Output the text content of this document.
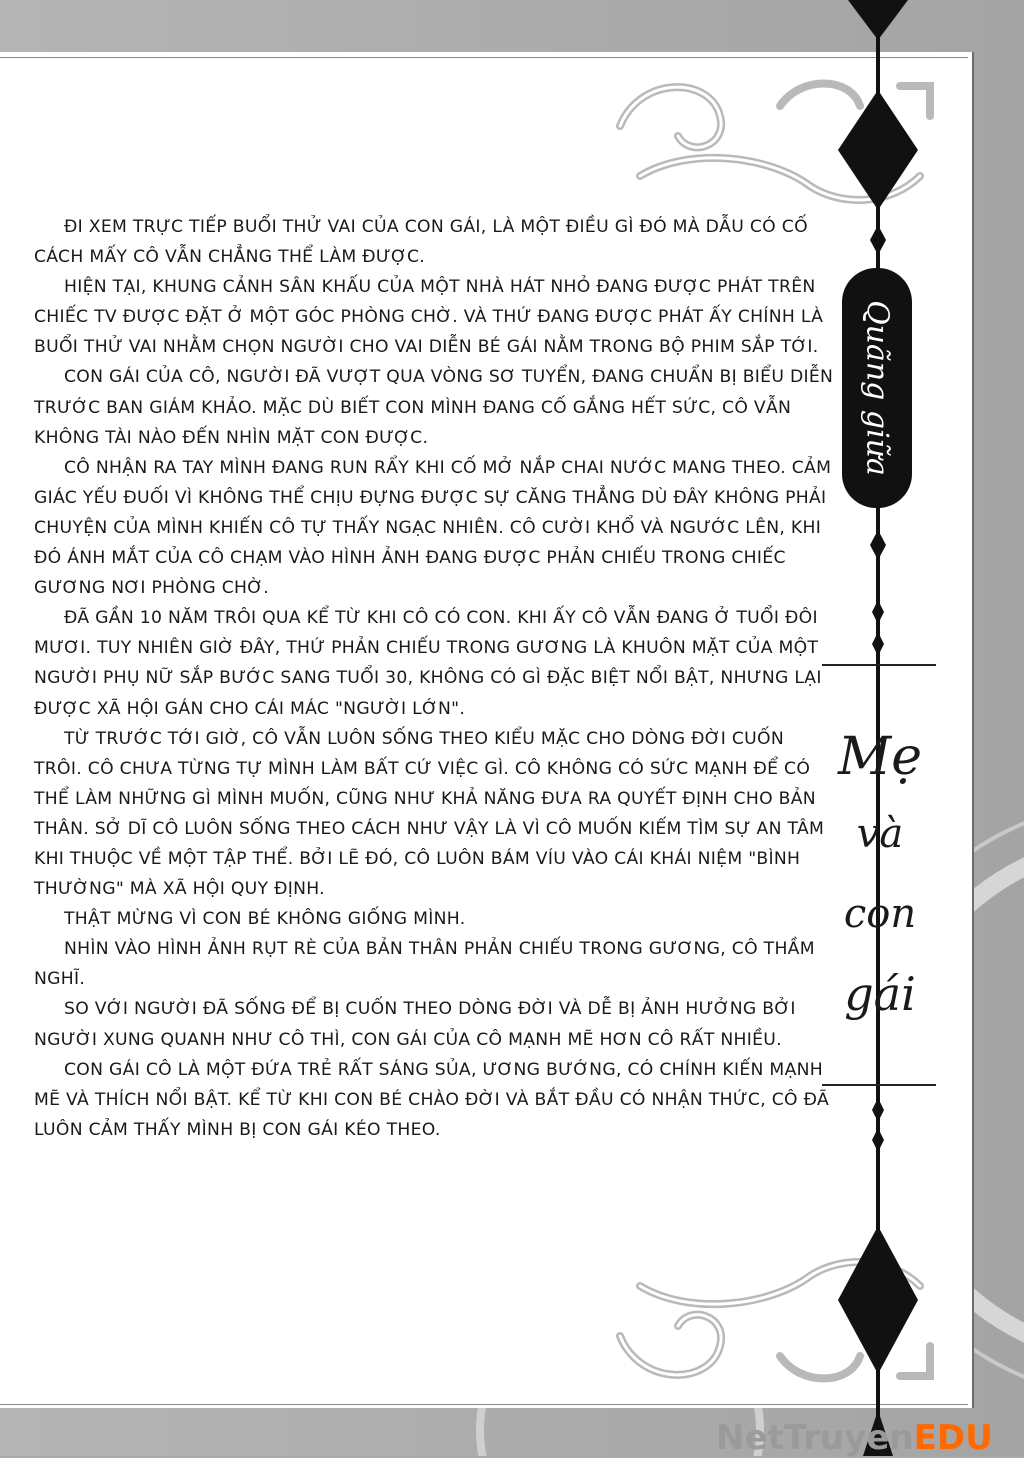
Quãng giữa

ĐI XEM TRỰC TIẾP BUỔI THỬ VAI CỦA CON GÁI, LÀ MỘT ĐIỀU GÌ ĐÓ MÀ DẪU CÓ CỐ CÁCH MẤY CÔ VẪN CHẲNG THỂ LÀM ĐƯỢC.

HIỆN TẠI, KHUNG CẢNH SÂN KHẤU CỦA MỘT NHÀ HÁT NHỎ ĐANG ĐƯỢC PHÁT TRÊN CHIẾC TV ĐƯỢC ĐẶT Ở MỘT GÓC PHÒNG CHỜ. VÀ THỨ ĐANG ĐƯỢC PHÁT ẤY CHÍNH LÀ BUỔI THỬ VAI NHẰM CHỌN NGƯỜI CHO VAI DIỄN BÉ GÁI NẰM TRONG BỘ PHIM SẮP TỚI.

CON GÁI CỦA CÔ, NGƯỜI ĐÃ VƯỢT QUA VÒNG SƠ TUYỂN, ĐANG CHUẨN BỊ BIỂU DIỄN TRƯỚC BAN GIÁM KHẢO. MẶC DÙ BIẾT CON MÌNH ĐANG CỐ GẮNG HẾT SỨC, CÔ VẪN KHÔNG TÀI NÀO ĐẾN NHÌN MẶT CON ĐƯỢC.

CÔ NHẬN RA TAY MÌNH ĐANG RUN RẨY KHI CỐ MỞ NẮP CHAI NƯỚC MANG THEO. CẢM GIÁC YẾU ĐUỐI VÌ KHÔNG THỂ CHỊU ĐỰNG ĐƯỢC SỰ CĂNG THẲNG DÙ ĐÂY KHÔNG PHẢI CHUYỆN CỦA MÌNH KHIẾN CÔ TỰ THẤY NGẠC NHIÊN. CÔ CƯỜI KHỔ VÀ NGƯỚC LÊN, KHI ĐÓ ÁNH MẮT CỦA CÔ CHẠM VÀO HÌNH ẢNH ĐANG ĐƯỢC PHẢN CHIẾU TRONG CHIẾC GƯƠNG NƠI PHÒNG CHỜ.

ĐÃ GẦN 10 NĂM TRÔI QUA KỂ TỪ KHI CÔ CÓ CON. KHI ẤY CÔ VẪN ĐANG Ở TUỔI ĐÔI MƯƠI. TUY NHIÊN GIỜ ĐÂY, THỨ PHẢN CHIẾU TRONG GƯƠNG LÀ KHUÔN MẶT CỦA MỘT NGƯỜI PHỤ NỮ SẮP BƯỚC SANG TUỔI 30, KHÔNG CÓ GÌ ĐẶC BIỆT NỔI BẬT, NHƯNG LẠI ĐƯỢC XÃ HỘI GÁN CHO CÁI MÁC "NGƯỜI LỚN".

TỪ TRƯỚC TỚI GIỜ, CÔ VẪN LUÔN SỐNG THEO KIỂU MẶC CHO DÒNG ĐỜI CUỐN TRÔI. CÔ CHƯA TỪNG TỰ MÌNH LÀM BẤT CỨ VIỆC GÌ. CÔ KHÔNG CÓ SỨC MẠNH ĐỂ CÓ THỂ LÀM NHỮNG GÌ MÌNH MUỐN, CŨNG NHƯ KHẢ NĂNG ĐƯA RA QUYẾT ĐỊNH CHO BẢN THÂN. SỞ DĨ CÔ LUÔN SỐNG THEO CÁCH NHƯ VẬY LÀ VÌ CÔ MUỐN KIẾM TÌM SỰ AN TÂM KHI THUỘC VỀ MỘT TẬP THỂ. BỞI LẼ ĐÓ, CÔ LUÔN BÁM VÍU VÀO CÁI KHÁI NIỆM "BÌNH THƯỜNG" MÀ XÃ HỘI QUY ĐỊNH.

THẬT MỪNG VÌ CON BÉ KHÔNG GIỐNG MÌNH.

NHÌN VÀO HÌNH ẢNH RỤT RÈ CỦA BẢN THÂN PHẢN CHIẾU TRONG GƯƠNG, CÔ THẦM NGHĨ.

SO VỚI NGƯỜI ĐÃ SỐNG ĐỂ BỊ CUỐN THEO DÒNG ĐỜI VÀ DỄ BỊ ẢNH HƯỞNG BỞI NGƯỜI XUNG QUANH NHƯ CÔ THÌ, CON GÁI CỦA CÔ MẠNH MẼ HƠN CÔ RẤT NHIỀU.

CON GÁI CÔ LÀ MỘT ĐỨA TRẺ RẤT SÁNG SỦA, ƯƠNG BƯỚNG, CÓ CHÍNH KIẾN MẠNH MẼ VÀ THÍCH NỔI BẬT. KỂ TỪ KHI CON BÉ CHÀO ĐỜI VÀ BẮT ĐẦU CÓ NHẬN THỨC, CÔ ĐÃ LUÔN CẢM THẤY MÌNH BỊ CON GÁI KÉO THEO.

Mẹ
và
con
gái
NetTruyenEDU
